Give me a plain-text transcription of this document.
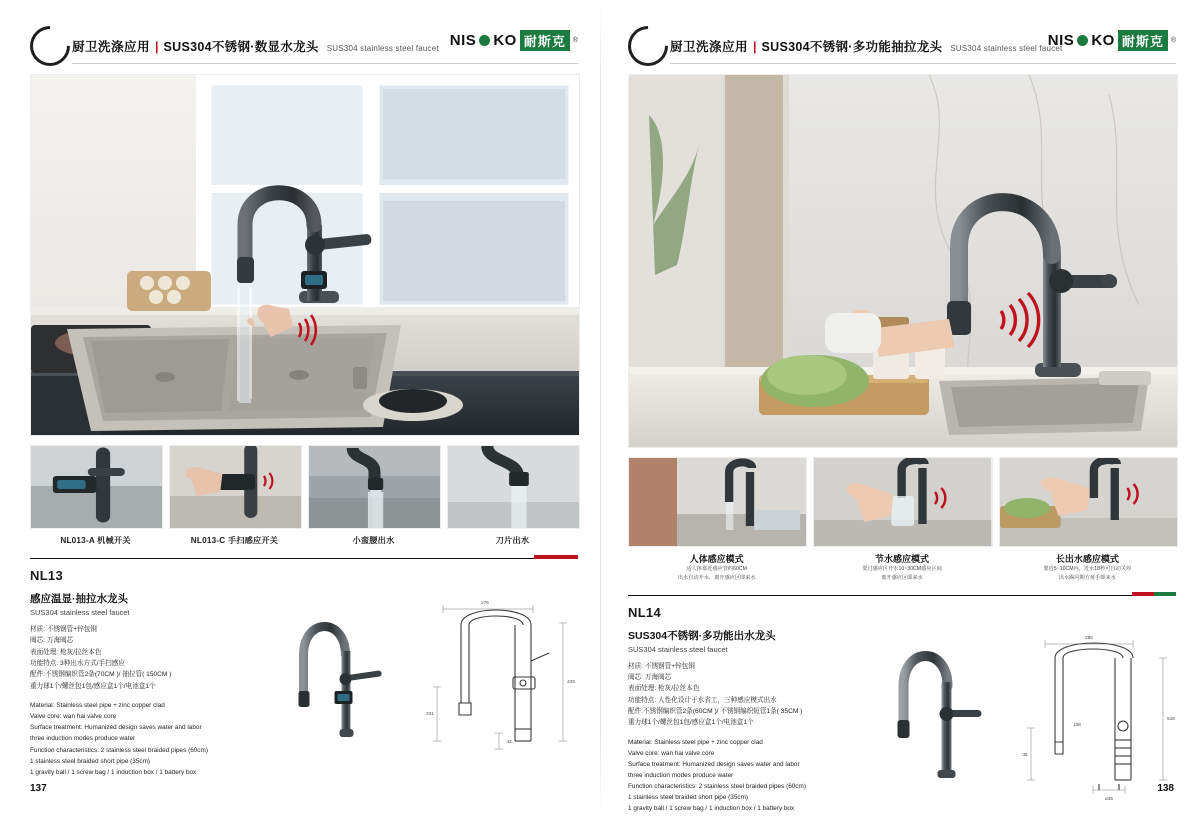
厨卫洗涤应用 | SUS304不锈钢·数显水龙头 SUS304 stainless steel faucet NIS KO 耐斯克	®
NL013-A 机械开关	NL013-C 手扫感应开关	小蛮腰出水	刀片出水
NL13
感应温显·抽拉水龙头
SUS304 stainless steel faucet
材质: 不锈钢管+锌包铜
阀芯: 万海阀芯
表面处理: 枪灰/拉丝本色
功能特点: 3种出水方式/手扫感应
配件:不锈钢编织管2条(70CM )/ 抽拉管( 150CM )
重力球1个/螺丝包1包/感应盒1个/电池盒1个
Material: Stainless steel pipe + zinc copper clad
Valve core: wan hai valve core
Surface treatment: Humanized design saves water and labor
three induction modes produce water
Function characteristics: 2 stainless steel braided pipes (60cm)
1 stainless steel braided short pipe (35cm)
1 gravity ball / 1 screw bag / 1 induction box / 1 battery box
276
433
231
42
137
厨卫洗涤应用 | SUS304不锈钢·多功能抽拉龙头 SUS304 stainless steel faucet
NIS KO 耐斯克	®
人体感应模式
适人体靠近感应管约60CM
出水自动开水，离开感应区即来水
节水感应模式
要过感应区开水10~30CM感应区间
离开感应区即来水
长出水感应模式
要近5~10CM内，近水18秒可自动关停
出水踢闪期方黄手即来水
NL14
SUS304不锈钢·多功能出水龙头
SUS304 stainless steel faucet
材质: 不锈钢管+锌包铜
阀芯: 万海阀芯
表面处理: 枪灰/拉丝本色
功能特点: 人性化设计于水省工，三种感应模式出水
配件:不锈钢编织管2条(60CM )/ 不锈钢编织短管1条( 35CM )
重力球1个/螺丝包1包/感应盒1个/电池盒1个
Material: Stainless steel pipe + zinc copper clad
Valve core: wan hai valve core
Surface treatment: Humanized design saves water and labor
three induction modes produce water
Function characteristics: 2 stainless steel braided pipes (60cm)
1 stainless steel braided short pipe (35cm)
1 gravity ball / 1 screw bag / 1 induction box / 1 battery box
280
518
138
ø45
35
138
